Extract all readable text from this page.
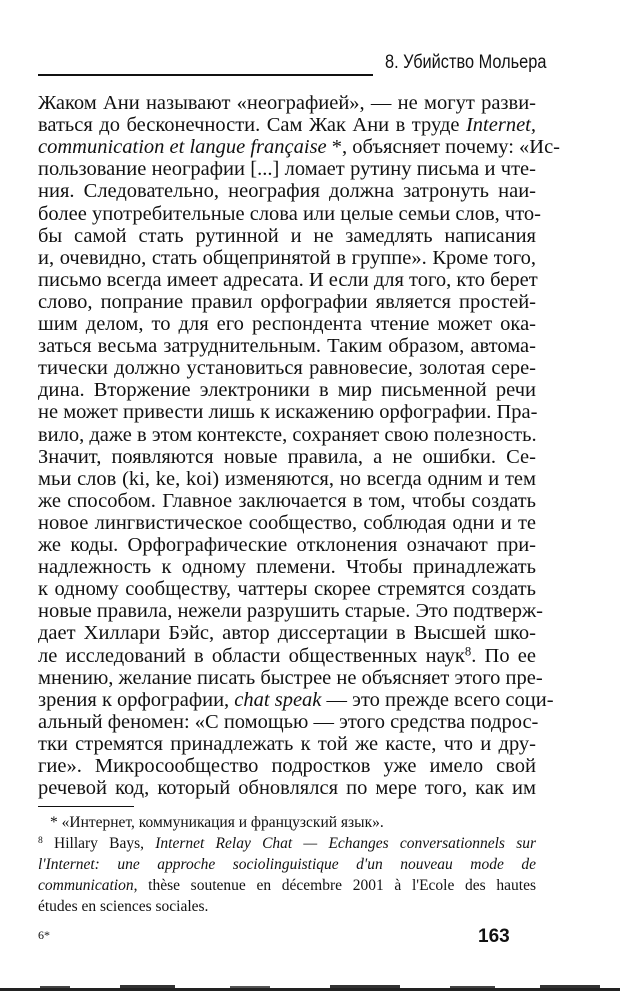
8. Убийство Мольера
Жаком Ани называют «неографией», — не могут разви-
ваться до бесконечности. Сам Жак Ани в труде Internet,
communication et langue française *, объясняет почему: «Ис-
пользование неографии [...] ломает рутину письма и чте-
ния. Следовательно, неография должна затронуть наи-
более употребительные слова или целые семьи слов, что-
бы самой стать рутинной и не замедлять написания
и, очевидно, стать общепринятой в группе». Кроме того,
письмо всегда имеет адресата. И если для того, кто берет
слово, попрание правил орфографии является простей-
шим делом, то для его респондента чтение может ока-
заться весьма затруднительным. Таким образом, автома-
тически должно установиться равновесие, золотая сере-
дина. Вторжение электроники в мир письменной речи
не может привести лишь к искажению орфографии. Пра-
вило, даже в этом контексте, сохраняет свою полезность.
Значит, появляются новые правила, а не ошибки. Се-
мьи слов (ki, ke, koi) изменяются, но всегда одним и тем
же способом. Главное заключается в том, чтобы создать
новое лингвистическое сообщество, соблюдая одни и те
же коды. Орфографические отклонения означают при-
надлежность к одному племени. Чтобы принадлежать
к одному сообществу, чаттеры скорее стремятся создать
новые правила, нежели разрушить старые. Это подтверж-
дает Хиллари Бэйс, автор диссертации в Высшей шко-
ле исследований в области общественных наук$^8$. По ее
мнению, желание писать быстрее не объясняет этого пре-
зрения к орфографии, chat speak — это прежде всего соци-
альный феномен: «С помощью — этого средства подрос-
тки стремятся принадлежать к той же касте, что и дру-
гие». Микросообщество подростков уже имело свой
речевой код, который обновлялся по мере того, как им
* «Интернет, коммуникация и французский язык».
$^8$ Hillary Bays, Internet Relay Chat — Echanges conversationnels sur
l'Internet: une approche sociolinguistique d'un nouveau mode de
communication, thèse soutenue en décembre 2001 à l'Ecole des hautes
études en sciences sociales.
6*	163
